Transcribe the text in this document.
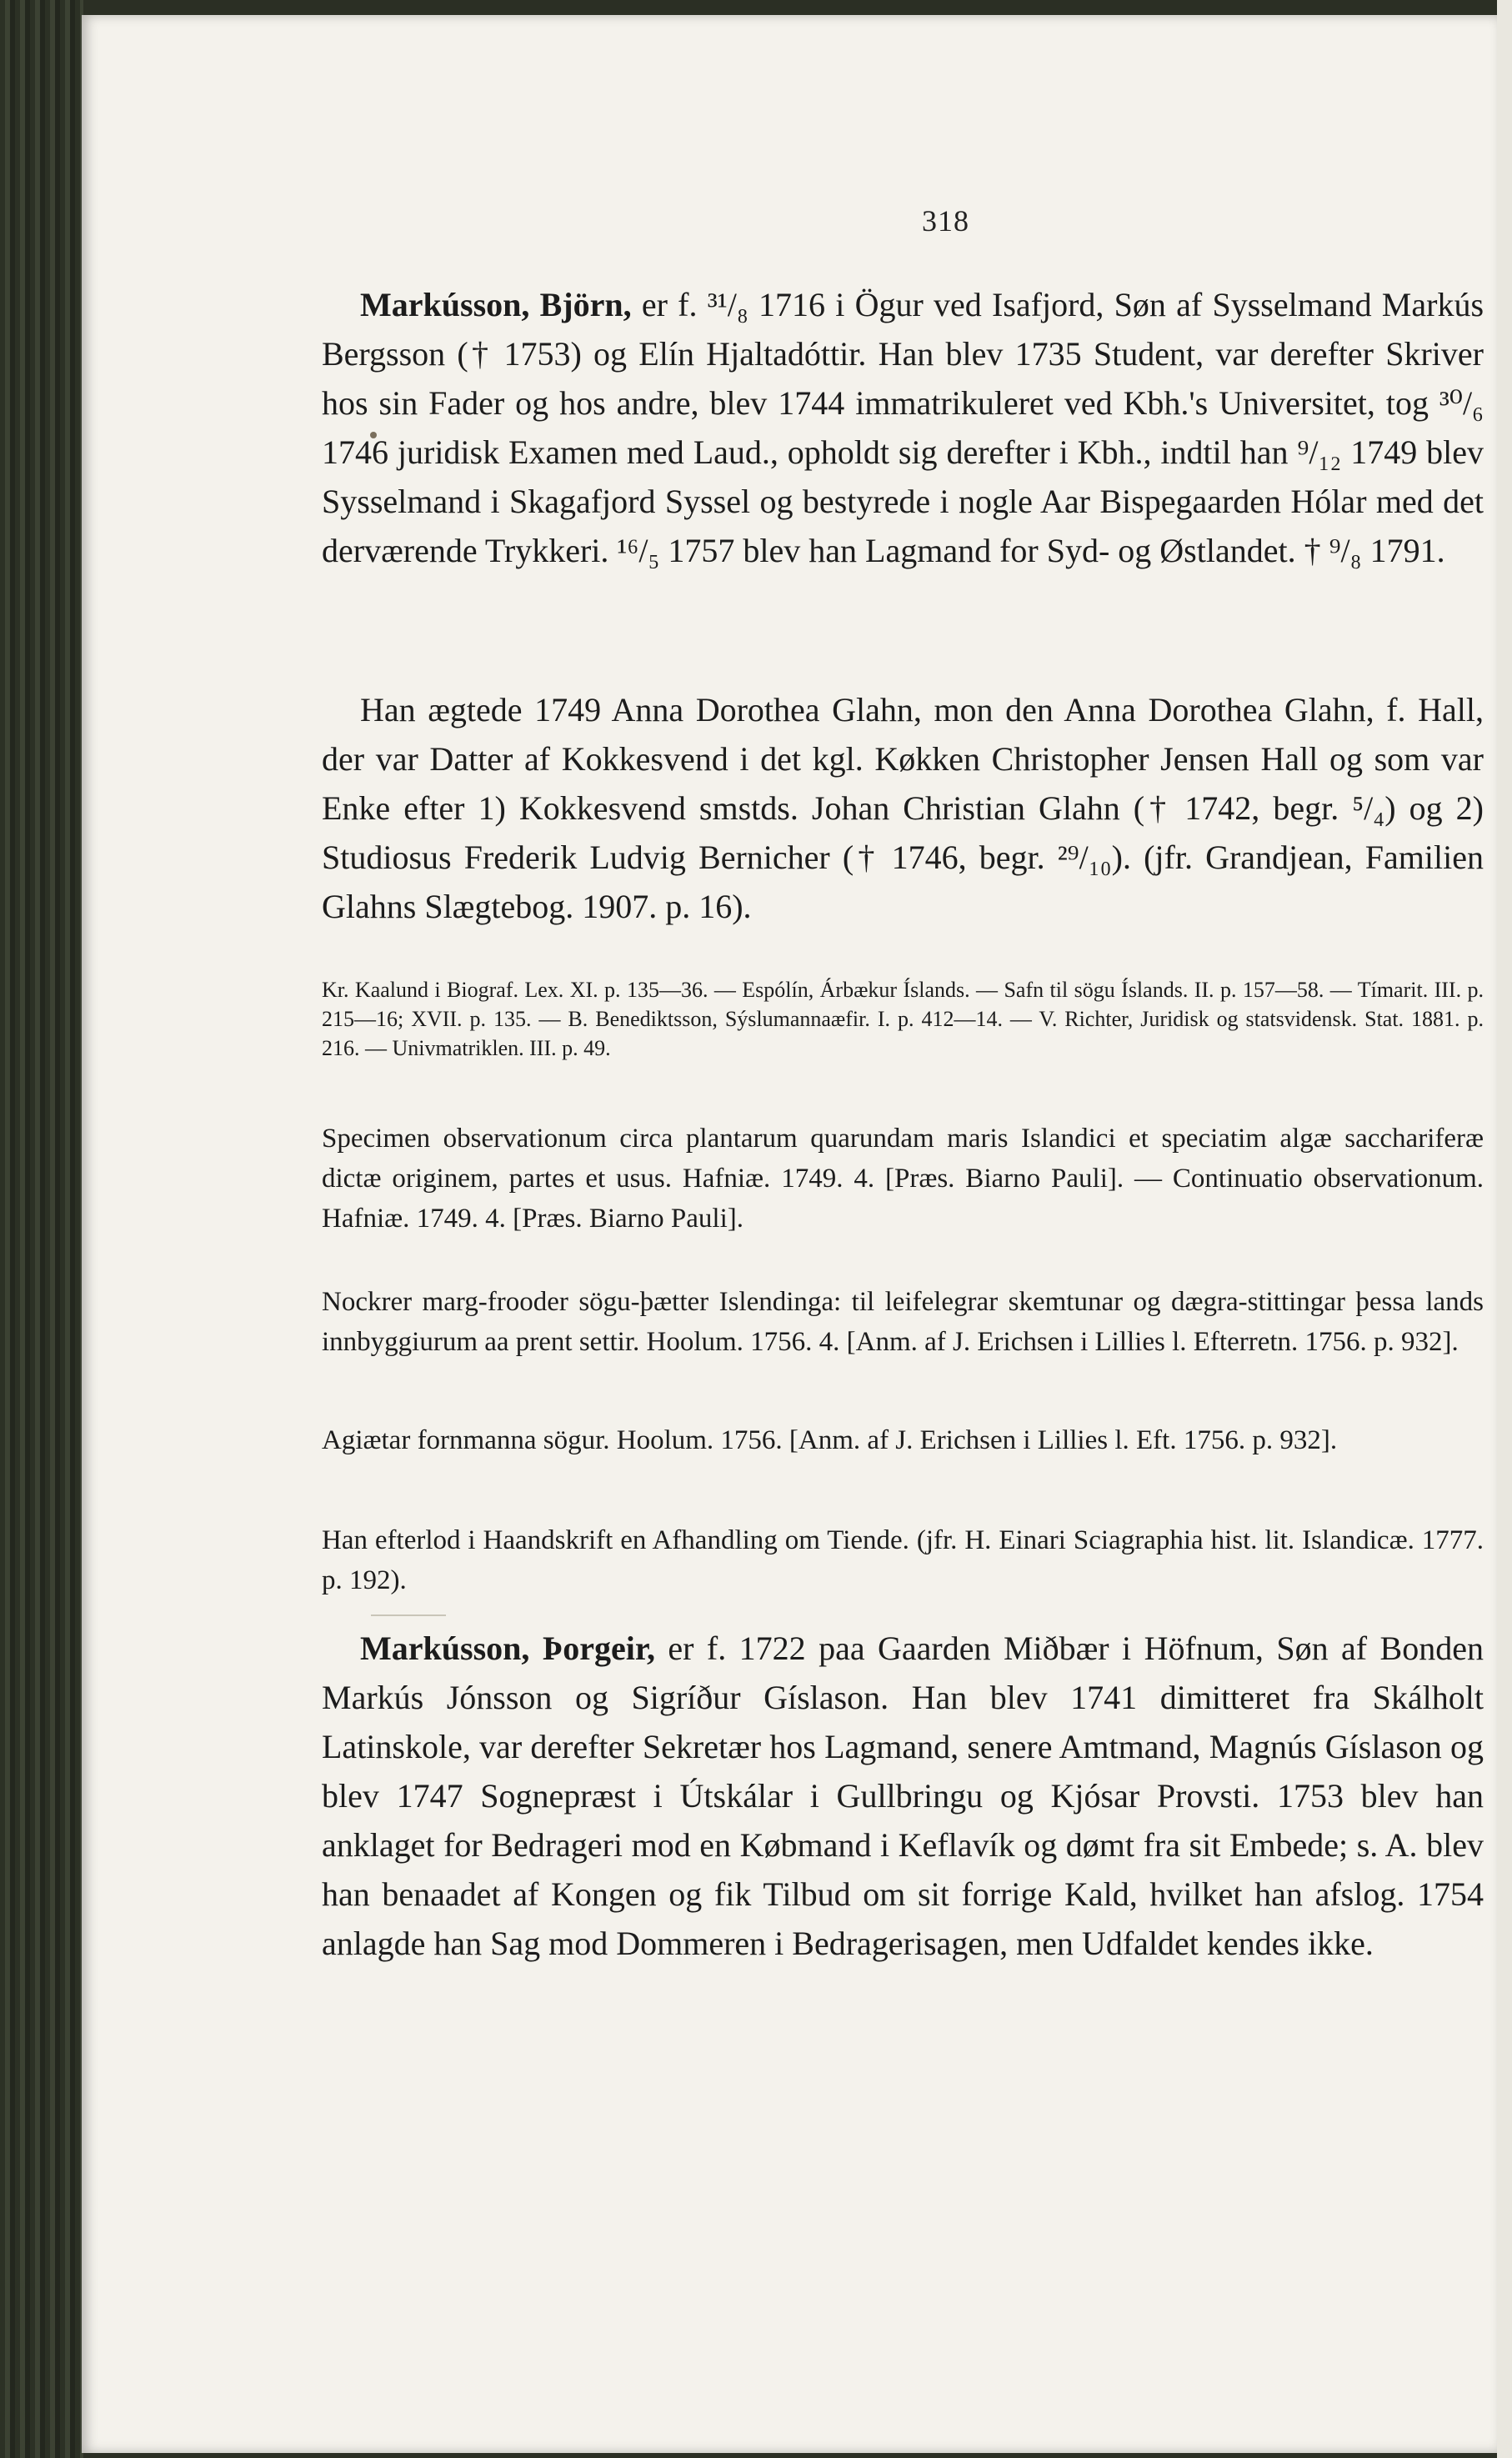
318
Markússon, Björn, er f. ³¹/₈ 1716 i Ögur ved Isafjord, Søn af Sysselmand Markús Bergsson († 1753) og Elín Hjaltadóttir. Han blev 1735 Student, var derefter Skriver hos sin Fader og hos andre, blev 1744 immatrikuleret ved Kbh.'s Universitet, tog ³⁰/₆ 1746 juridisk Examen med Laud., opholdt sig derefter i Kbh., indtil han ⁹/₁₂ 1749 blev Sysselmand i Skagafjord Syssel og bestyrede i nogle Aar Bispegaarden Hólar med det derværende Trykkeri. ¹⁶/₅ 1757 blev han Lagmand for Syd- og Østlandet. † ⁹/₈ 1791.
Han ægtede 1749 Anna Dorothea Glahn, mon den Anna Dorothea Glahn, f. Hall, der var Datter af Kokkesvend i det kgl. Køkken Christopher Jensen Hall og som var Enke efter 1) Kokkesvend smstds. Johan Christian Glahn († 1742, begr. ⁵/₄) og 2) Studiosus Frederik Ludvig Bernicher († 1746, begr. ²⁹/₁₀). (jfr. Grandjean, Familien Glahns Slægtebog. 1907. p. 16).
Kr. Kaalund i Biograf. Lex. XI. p. 135—36. — Espólín, Árbækur Íslands. — Safn til sögu Íslands. II. p. 157—58. — Tímarit. III. p. 215—16; XVII. p. 135. — B. Benediktsson, Sýslumannaæfir. I. p. 412—14. — V. Richter, Juridisk og statsvidensk. Stat. 1881. p. 216. — Univmatriklen. III. p. 49.
Specimen observationum circa plantarum quarundam maris Islandici et speciatim algæ sacchariferæ dictæ originem, partes et usus. Hafniæ. 1749. 4. [Præs. Biarno Pauli]. — Continuatio observationum. Hafniæ. 1749. 4. [Præs. Biarno Pauli].
Nockrer marg-frooder sögu-þætter Islendinga: til leifelegrar skemtunar og dægra-stittingar þessa lands innbyggiurum aa prent settir. Hoolum. 1756. 4. [Anm. af J. Erichsen i Lillies l. Efterretn. 1756. p. 932].
Agiætar fornmanna sögur. Hoolum. 1756. [Anm. af J. Erichsen i Lillies l. Eft. 1756. p. 932].
Han efterlod i Haandskrift en Afhandling om Tiende. (jfr. H. Einari Sciagraphia hist. lit. Islandicæ. 1777. p. 192).
Markússon, Þorgeir, er f. 1722 paa Gaarden Miðbær i Höfnum, Søn af Bonden Markús Jónsson og Sigríður Gíslason. Han blev 1741 dimitteret fra Skálholt Latinskole, var derefter Sekretær hos Lagmand, senere Amtmand, Magnús Gíslason og blev 1747 Sognepræst i Útskálar i Gullbringu og Kjósar Provsti. 1753 blev han anklaget for Bedrageri mod en Købmand i Keflavík og dømt fra sit Embede; s. A. blev han benaadet af Kongen og fik Tilbud om sit forrige Kald, hvilket han afslog. 1754 anlagde han Sag mod Dommeren i Bedragerisagen, men Udfaldet kendes ikke.
